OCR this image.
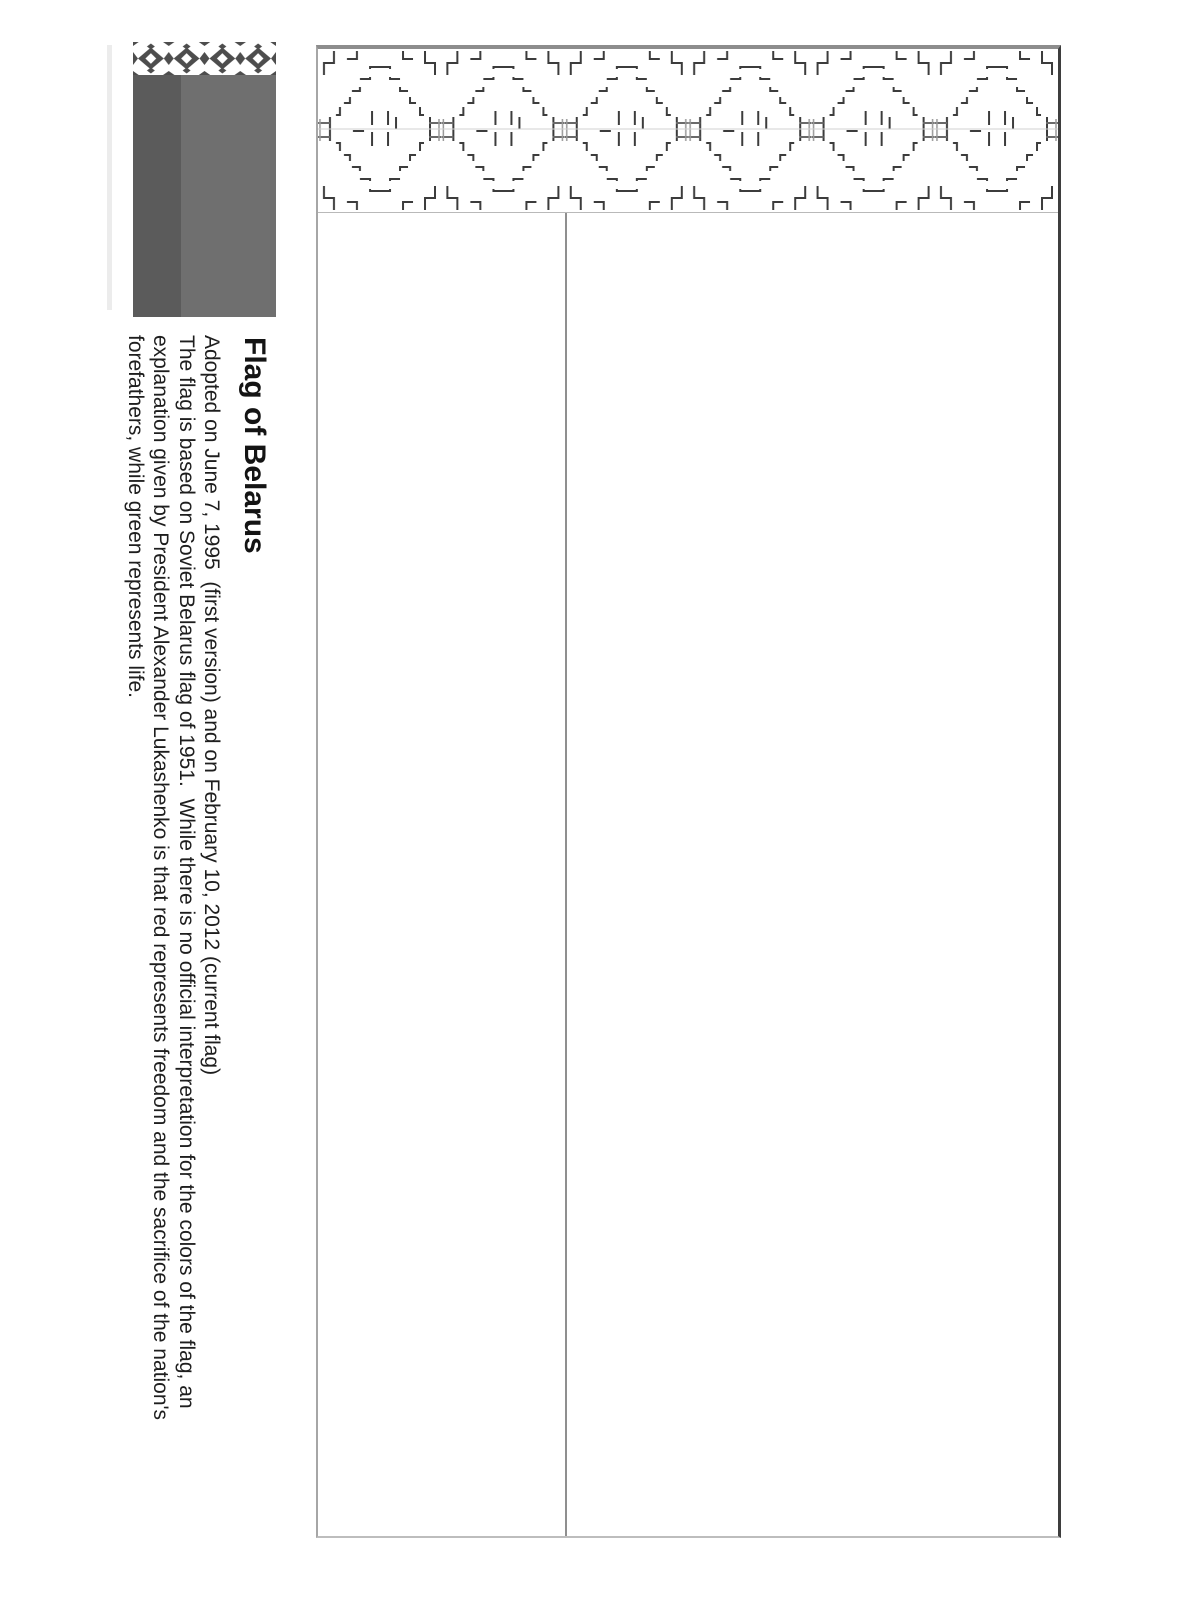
Flag of Belarus
Adopted on June 7, 1995  (first version) and on February 10, 2012 (current flag)
The flag is based on Soviet Belarus flag of 1951.  While there is no official interpretation for the colors of the flag, an
explanation given by President Alexander Lukashenko is that red represents freedom and the sacrifice of the nation's
forefathers, while green represents life.
